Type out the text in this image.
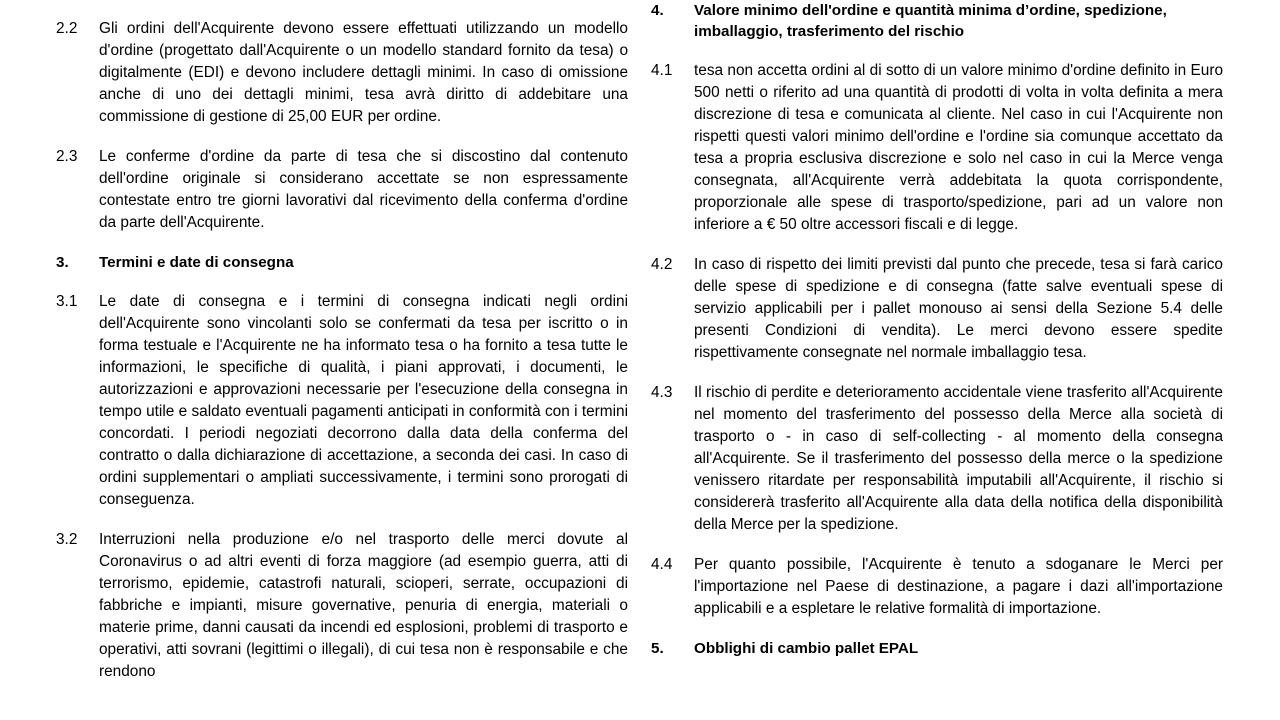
2.2	Gli ordini dell'Acquirente devono essere effettuati utilizzando un modello d'ordine (progettato dall'Acquirente o un modello standard fornito da tesa) o digitalmente (EDI) e devono includere dettagli minimi. In caso di omissione anche di uno dei dettagli minimi, tesa avrà diritto di addebitare una commissione di gestione di 25,00 EUR per ordine.
2.3	Le conferme d'ordine da parte di tesa che si discostino dal contenuto dell'ordine originale si considerano accettate se non espressamente contestate entro tre giorni lavorativi dal ricevimento della conferma d'ordine da parte dell'Acquirente.
3.	Termini e date di consegna
3.1	Le date di consegna e i termini di consegna indicati negli ordini dell'Acquirente sono vincolanti solo se confermati da tesa per iscritto o in forma testuale e l'Acquirente ne ha informato tesa o ha fornito a tesa tutte le informazioni, le specifiche di qualità, i piani approvati, i documenti, le autorizzazioni e approvazioni necessarie per l'esecuzione della consegna in tempo utile e saldato eventuali pagamenti anticipati in conformità con i termini concordati. I periodi negoziati decorrono dalla data della conferma del contratto o dalla dichiarazione di accettazione, a seconda dei casi. In caso di ordini supplementari o ampliati successivamente, i termini sono prorogati di conseguenza.
3.2	Interruzioni nella produzione e/o nel trasporto delle merci dovute al Coronavirus o ad altri eventi di forza maggiore (ad esempio guerra, atti di terrorismo, epidemie, catastrofi naturali, scioperi, serrate, occupazioni di fabbriche e impianti, misure governative, penuria di energia, materiali o materie prime, danni causati da incendi ed esplosioni, problemi di trasporto e operativi, atti sovrani (legittimi o illegali), di cui tesa non è responsabile e che rendono
4.	Valore minimo dell'ordine e quantità minima d’ordine, spedizione, imballaggio, trasferimento del rischio
4.1	tesa non accetta ordini al di sotto di un valore minimo d'ordine definito in Euro 500 netti o riferito ad una quantità di prodotti di volta in volta definita a mera discrezione di tesa e comunicata al cliente. Nel caso in cui l'Acquirente non rispetti questi valori minimo dell'ordine e l'ordine sia comunque accettato da tesa a propria esclusiva discrezione e solo nel caso in cui la Merce venga consegnata, all'Acquirente verrà addebitata la quota corrispondente, proporzionale alle spese di trasporto/spedizione, pari ad un valore non inferiore a € 50 oltre accessori fiscali e di legge.
4.2	In caso di rispetto dei limiti previsti dal punto che precede, tesa si farà carico delle spese di spedizione e di consegna (fatte salve eventuali spese di servizio applicabili per i pallet monouso ai sensi della Sezione 5.4 delle presenti Condizioni di vendita). Le merci devono essere spedite rispettivamente consegnate nel normale imballaggio tesa.
4.3	Il rischio di perdite e deterioramento accidentale viene trasferito all'Acquirente nel momento del trasferimento del possesso della Merce alla società di trasporto o - in caso di self-collecting - al momento della consegna all'Acquirente. Se il trasferimento del possesso della merce o la spedizione venissero ritardate per responsabilità imputabili all'Acquirente, il rischio si considererà trasferito all'Acquirente alla data della notifica della disponibilità della Merce per la spedizione.
4.4	Per quanto possibile, l'Acquirente è tenuto a sdoganare le Merci per l'importazione nel Paese di destinazione, a pagare i dazi all'importazione applicabili e a espletare le relative formalità di importazione.
5.	Obblighi di cambio pallet EPAL
